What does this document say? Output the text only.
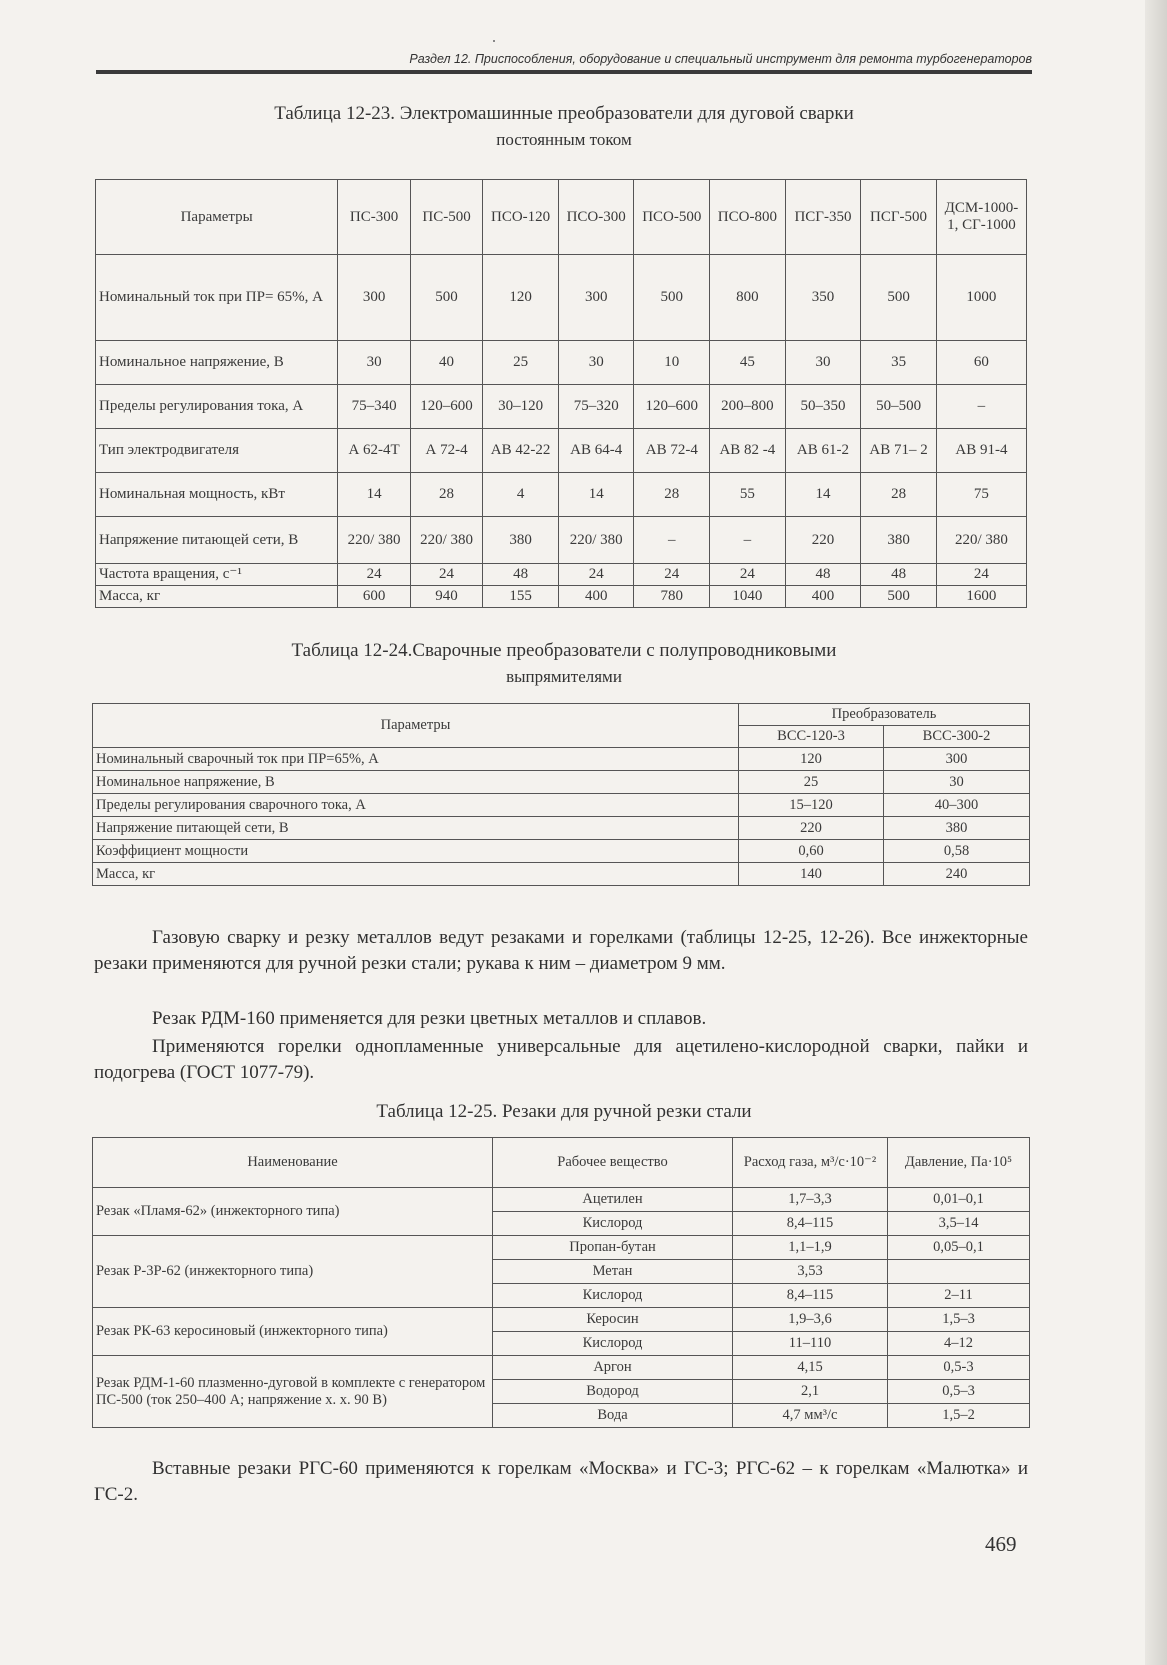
Раздел 12. Приспособления, оборудование и специальный инструмент для ремонта турбогенераторов
Таблица 12-23. Электромашинные преобразователи для дуговой сварки
постоянным током
Параметры	ПС-300	ПС-500	ПСО-120	ПСО-300	ПСО-500	ПСО-800	ПСГ-350	ПСГ-500	ДСМ-1000-1, СГ-1000
Номинальный ток при ПР= 65%, А	300	500	120	300	500	800	350	500	1000
Номинальное напряжение, В	30	40	25	30	10	45	30	35	60
Пределы регулирования тока, А	75–340	120–600	30–120	75–320	120–600	200–800	50–350	50–500	–
Тип электродвигателя	А 62-4Т	А 72-4	АВ 42-22	АВ 64-4	АВ 72-4	АВ 82 -4	АВ 61-2	АВ 71– 2	АВ 91-4
Номинальная мощность, кВт	14	28	4	14	28	55	14	28	75
Напряжение питающей сети, В	220/ 380	220/ 380	380	220/ 380	–	–	220	380	220/ 380
Частота вращения, с⁻¹	24	24	48	24	24	24	48	48	24
Масса, кг	600	940	155	400	780	1040	400	500	1600
Таблица 12-24.Сварочные преобразователи с полупроводниковыми
выпрямителями
Параметры	Преобразователь	
	ВСС-120-3	ВСС-300-2
Номинальный сварочный ток при ПР=65%, А	120	300
Номинальное напряжение, В	25	30
Пределы регулирования сварочного тока, А	15–120	40–300
Напряжение питающей сети, В	220	380
Коэффициент мощности	0,60	0,58
Масса, кг	140	240

Газовую сварку и резку металлов ведут резаками и горелками (таблицы 12-25, 12-26). Все инжекторные резаки применяются для ручной резки стали; рукава к ним – диаметром 9 мм.

Резак РДМ-160 применяется для резки цветных металлов и сплавов.

Применяются горелки однопламенные универсальные для ацетилено-кислородной сварки, пайки и подогрева (ГОСТ 1077-79).

Таблица 12-25. Резаки для ручной резки стали
Наименование	Рабочее вещество	Расход газа, м³/с·10⁻²	Давление, Па·10⁵
Резак «Пламя-62» (инжекторного типа)	Ацетилен	1,7–3,3	0,01–0,1
	Кислород	8,4–115	3,5–14
Резак Р-3Р-62 (инжекторного типа)	Пропан-бутан	1,1–1,9	0,05–0,1
	Метан	3,53	
	Кислород	8,4–115	2–11
Резак РК-63 керосиновый (инжекторного типа)	Керосин	1,9–3,6	1,5–3
	Кислород	11–110	4–12
Резак РДМ-1-60 плазменно-дуговой в комплекте с генератором ПС-500 (ток 250–400 А; напряжение х. х. 90 В)	Аргон	4,15	0,5-3
	Водород	2,1	0,5–3
	Вода	4,7 мм³/с	1,5–2

Вставные резаки РГС-60 применяются к горелкам «Москва» и ГС-3; РГС-62 – к горелкам «Малютка» и ГС-2.

469
